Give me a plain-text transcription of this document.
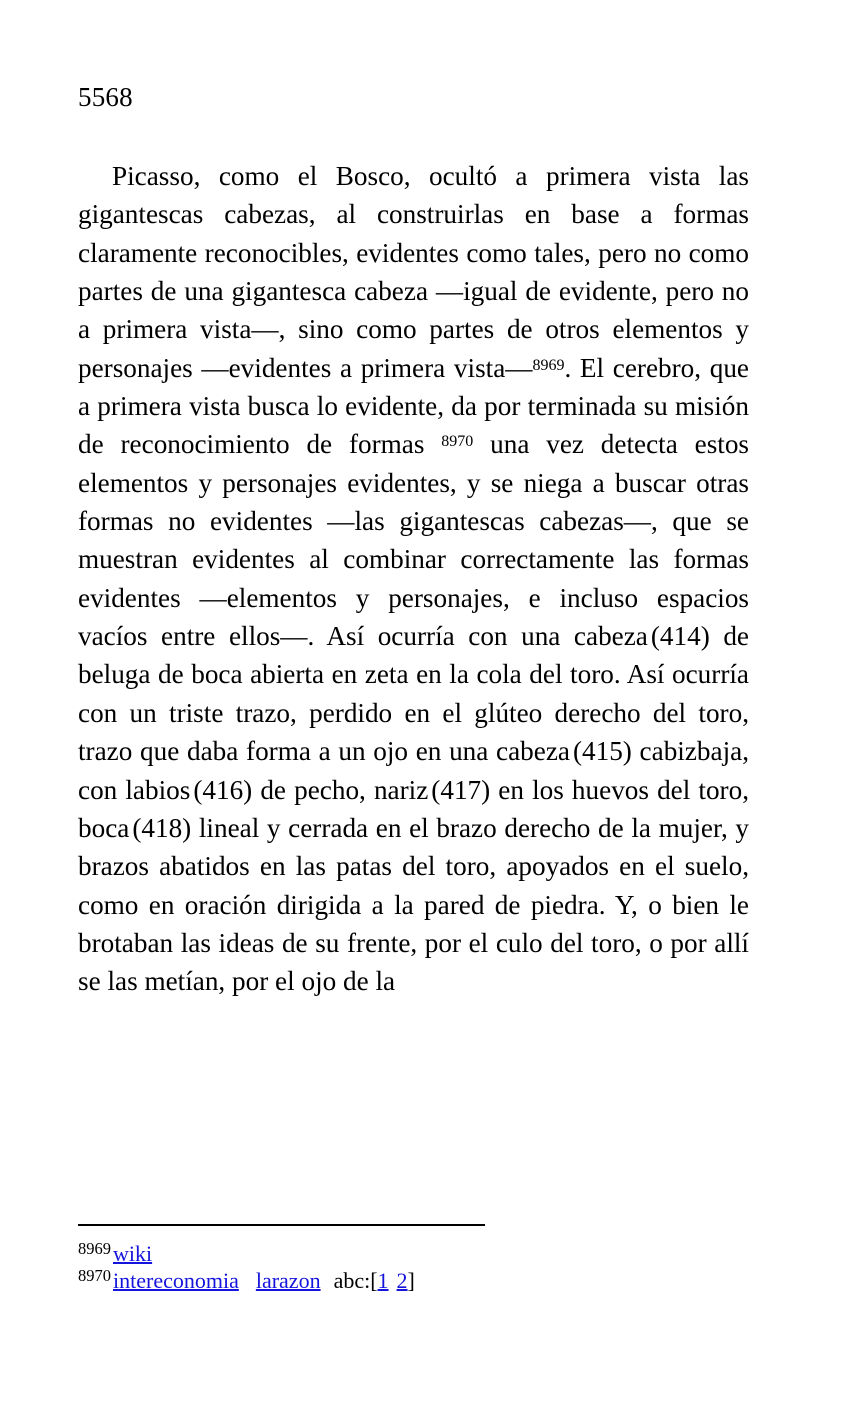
5568

Picasso, como el Bosco, ocultó a primera vista las gigantescas cabezas, al construirlas en base a formas claramente reconocibles, evidentes como tales, pero no como partes de una gigantesca cabeza —igual de evidente, pero no a primera vista—, sino como partes de otros elementos y personajes —evidentes a primera vista—$^{8969}$. El cerebro, que a primera vista busca lo evidente, da por terminada su misión de reconocimiento de formas $^{8970}$ una vez detecta estos elementos y personajes evidentes, y se niega a buscar otras formas no evidentes —las gigantescas cabezas—, que se muestran evidentes al combinar correctamente las formas evidentes —elementos y personajes, e incluso espacios vacíos entre ellos—. Así ocurría con una cabeza (414) de beluga de boca abierta en zeta en la cola del toro. Así ocurría con un triste trazo, perdido en el glúteo derecho del toro, trazo que daba forma a un ojo en una cabeza (415) cabizbaja, con labios (416) de pecho, nariz (417) en los huevos del toro, boca (418) lineal y cerrada en el brazo derecho de la mujer, y brazos abatidos en las patas del toro, apoyados en el suelo, como en oración dirigida a la pared de piedra. Y, o bien le brotaban las ideas de su frente, por el culo del toro, o por allí se las metían, por el ojo de la

$^{8969}$wiki
$^{8970}$intereconomia larazon abc:[1 2]
